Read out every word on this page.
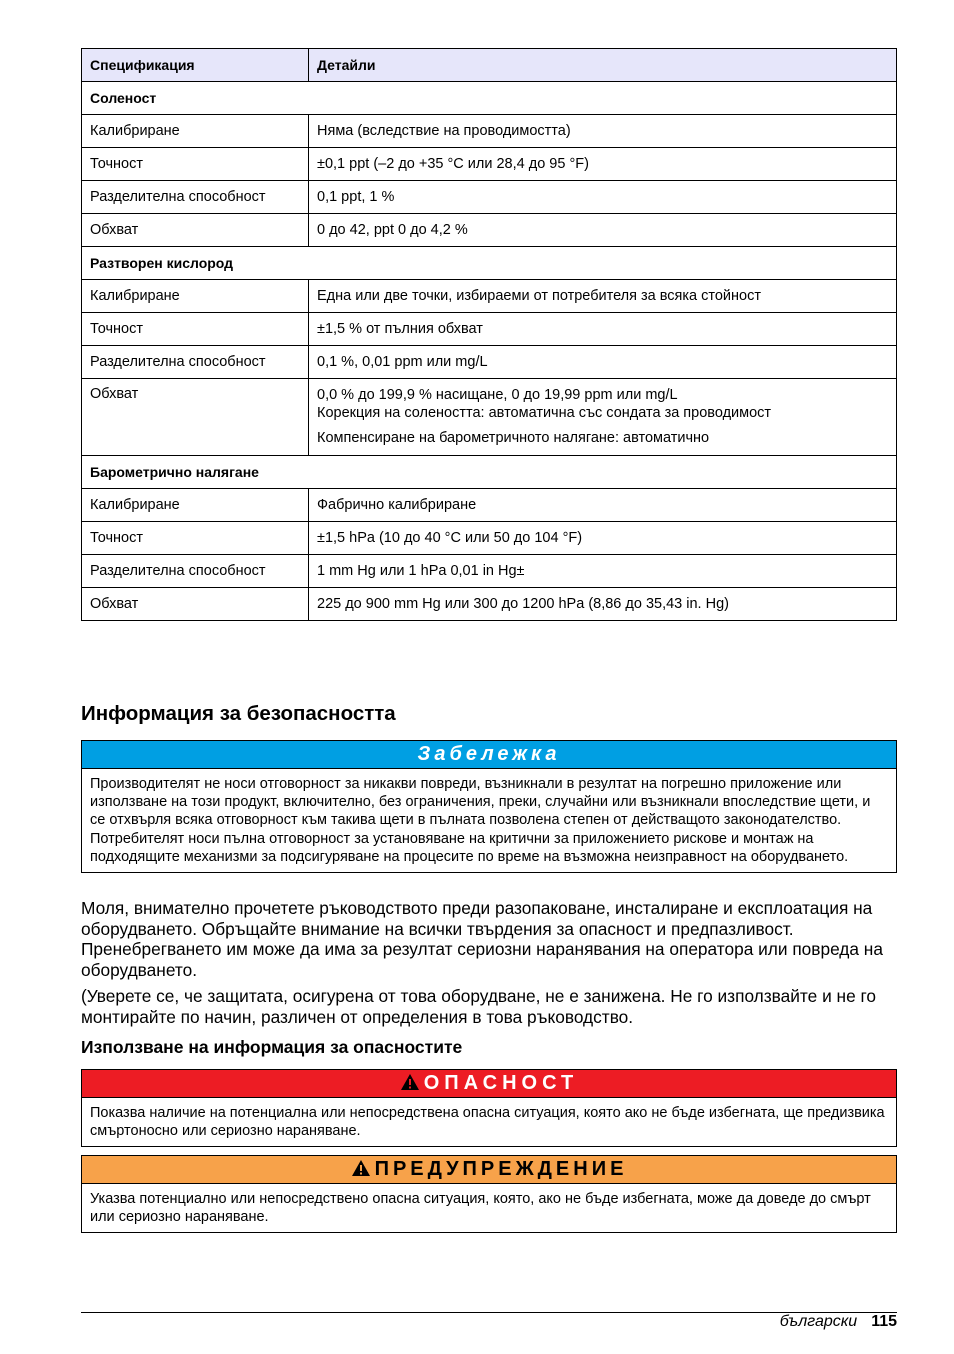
Спецификация	Детайли
Соленост	
Калибриране	Няма (вследствие на проводимостта)
Точност	±0,1 ppt (–2 до +35 °C или 28,4 до 95 °F)
Разделителна способност	0,1 ppt, 1 %
Обхват	0 до 42, ppt 0 до 4,2 %
Разтворен кислород	
Калибриране	Една или две точки, избираеми от потребителя за всяка стойност
Точност	±1,5 % от пълния обхват
Разделителна способност	0,1 %, 0,01 ppm или mg/L
Обхват	0,0 % до 199,9 % насищане, 0 до 19,99 ppm или mg/L
Корекция на солеността: автоматична със сондата за проводимост
Компенсиране на барометричното налягане: автоматично

Барометрично налягане	
Калибриране	Фабрично калибриране
Точност	±1,5 hPa (10 до 40 °C или 50 до 104 °F)
Разделителна способност	1 mm Hg или 1 hPa 0,01 in Hg±
Обхват	225 до 900 mm Hg или 300 до 1200 hPa (8,86 до 35,43 in. Hg)
Информация за безопасността
Забележка
Производителят не носи отговорност за никакви повреди, възникнали в резултат на погрешно приложение или използване на този продукт, включително, без ограничения, преки, случайни или възникнали впоследствие щети, и се отхвърля всяка отговорност към такива щети в пълната позволена степен от действащото законодателство. Потребителят носи пълна отговорност за установяване на критични за приложението рискове и монтаж на подходящите механизми за подсигуряване на процесите по време на възможна неизправност на оборудването.

Моля, внимателно прочетете ръководството преди разопаковане, инсталиране и експлоатация на оборудването. Обръщайте внимание на всички твърдения за опасност и предпазливост. Пренебрегването им може да има за резултат сериозни наранявания на оператора или повреда на оборудването.

(Уверете се, че защитата, осигурена от това оборудване, не е занижена. Не го използвайте и не го монтирайте по начин, различен от определения в това ръководство.

Използване на информация за опасностите
ОПАСНОСТ
Показва наличие на потенциална или непосредствена опасна ситуация, която ако не бъде избегната, ще предизвика смъртоносно или сериозно нараняване.
ПРЕДУПРЕЖДЕНИЕ
Указва потенциално или непосредствено опасна ситуация, която, ако не бъде избегната, може да доведе до смърт или сериозно нараняване.
български 115
